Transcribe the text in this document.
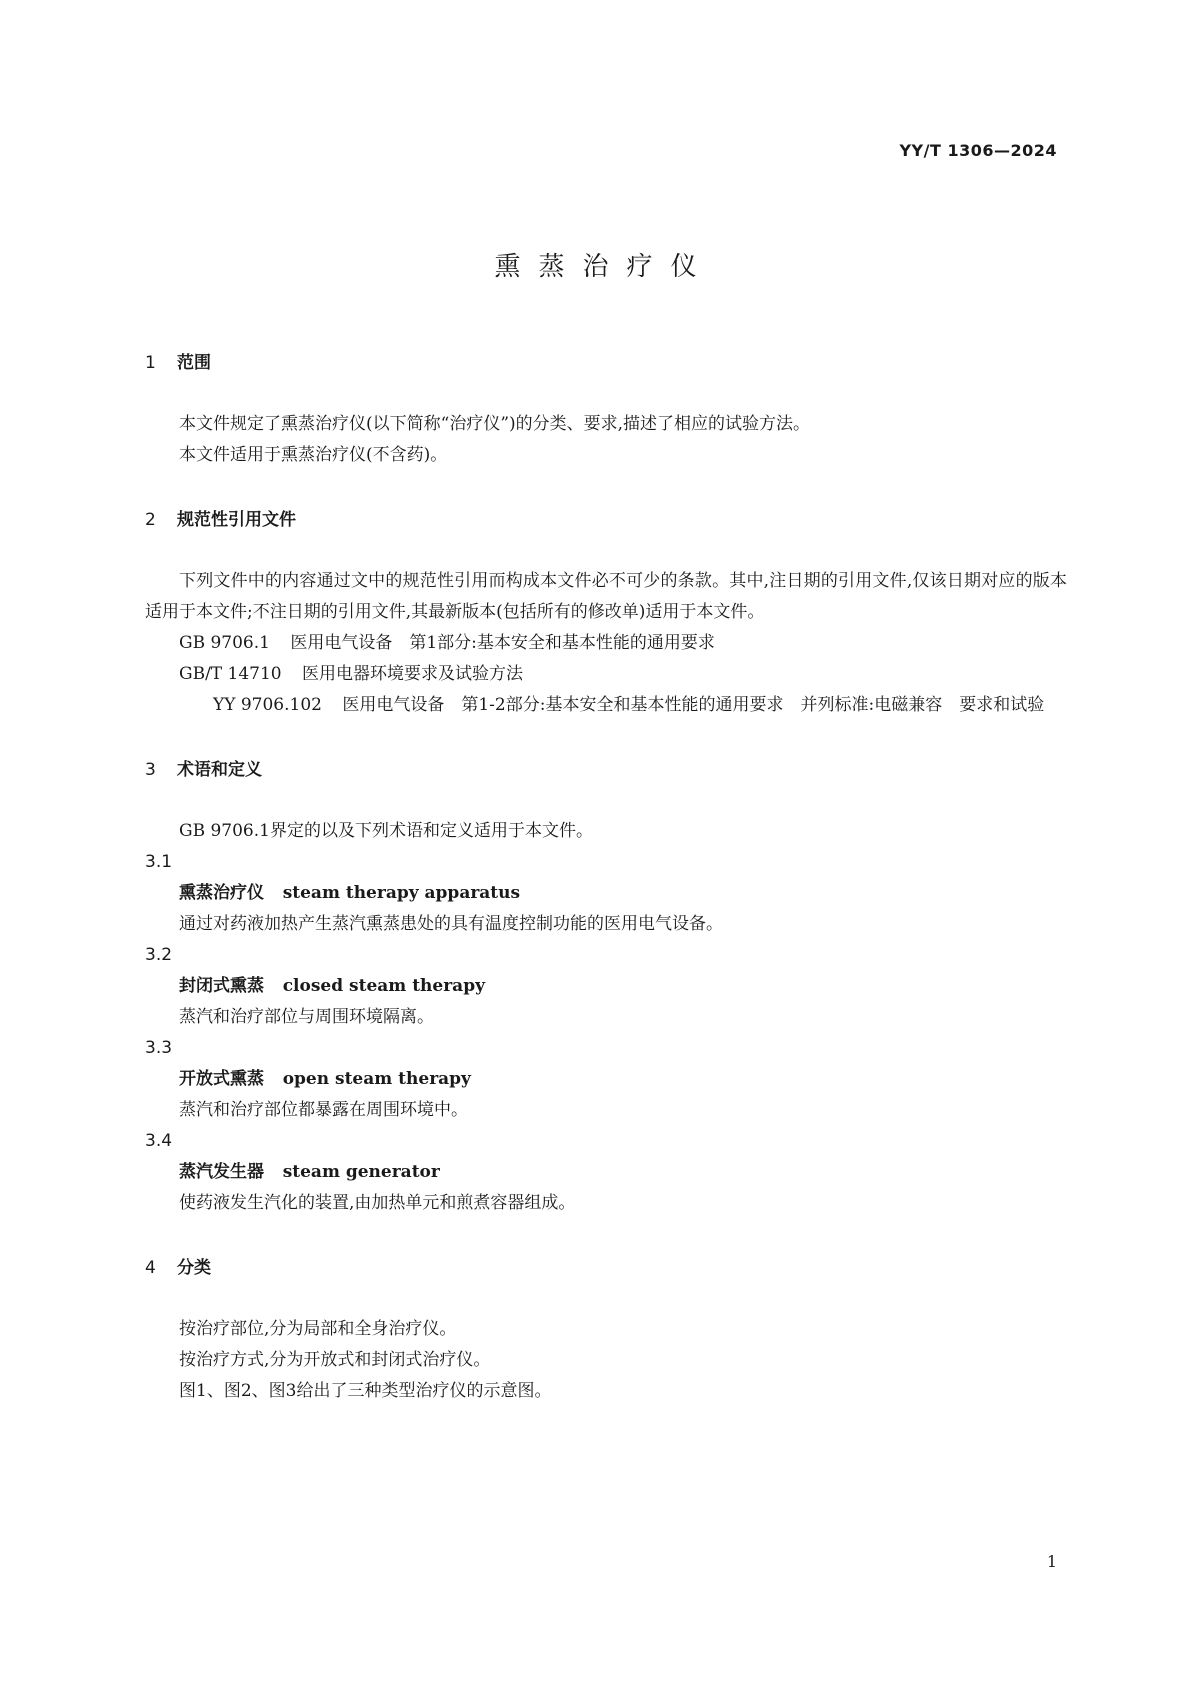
YY/T 1306—2024
熏蒸治疗仪

1 范围

本文件规定了熏蒸治疗仪(以下简称“治疗仪”)的分类、要求,描述了相应的试验方法。

本文件适用于熏蒸治疗仪(不含药)。

2 规范性引用文件

下列文件中的内容通过文中的规范性引用而构成本文件必不可少的条款。其中,注日期的引用文件,仅该日期对应的版本适用于本文件;不注日期的引用文件,其最新版本(包括所有的修改单)适用于本文件。

GB 9706.1 医用电气设备　第1部分:基本安全和基本性能的通用要求

GB/T 14710 医用电器环境要求及试验方法

YY 9706.102 医用电气设备　第1-2部分:基本安全和基本性能的通用要求　并列标准:电磁兼容　要求和试验

3 术语和定义

GB 9706.1界定的以及下列术语和定义适用于本文件。

3.1

熏蒸治疗仪 steam therapy apparatus

通过对药液加热产生蒸汽熏蒸患处的具有温度控制功能的医用电气设备。

3.2

封闭式熏蒸 closed steam therapy

蒸汽和治疗部位与周围环境隔离。

3.3

开放式熏蒸 open steam therapy

蒸汽和治疗部位都暴露在周围环境中。

3.4

蒸汽发生器 steam generator

使药液发生汽化的装置,由加热单元和煎煮容器组成。

4 分类

按治疗部位,分为局部和全身治疗仪。

按治疗方式,分为开放式和封闭式治疗仪。

图1、图2、图3给出了三种类型治疗仪的示意图。

1
